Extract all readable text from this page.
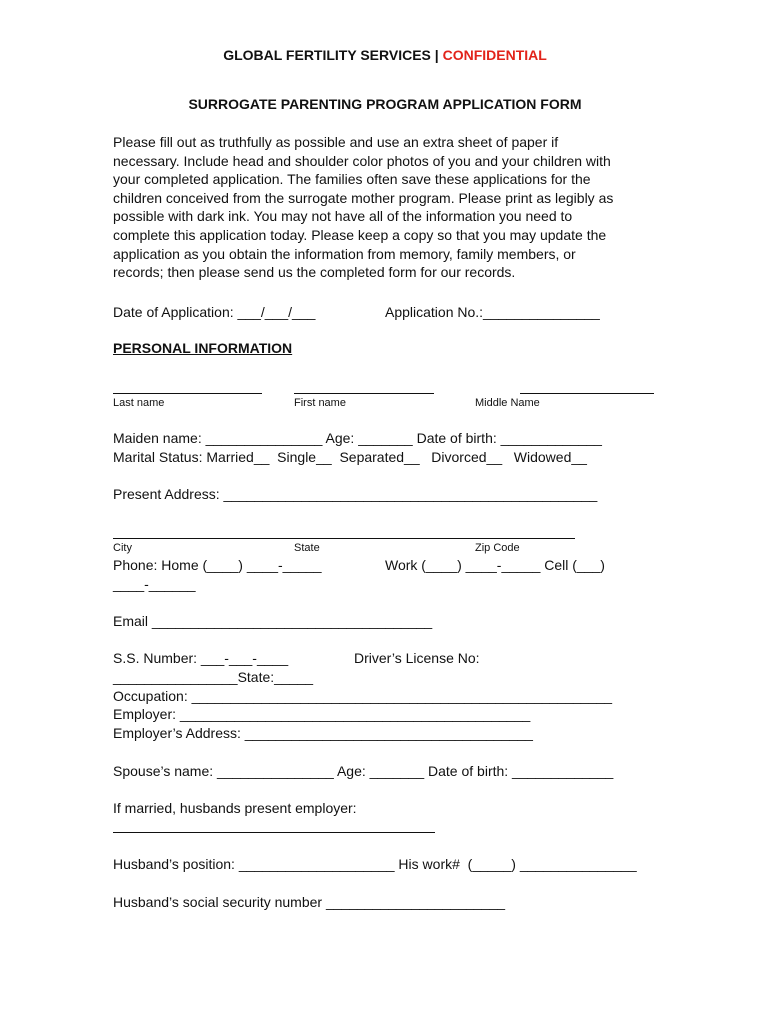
GLOBAL FERTILITY SERVICES | CONFIDENTIAL
SURROGATE PARENTING PROGRAM APPLICATION FORM
Please fill out as truthfully as possible and use an extra sheet of paper if
necessary. Include head and shoulder color photos of you and your children with
your completed application. The families often save these applications for the
children conceived from the surrogate mother program. Please print as legibly as
possible with dark ink. You may not have all of the information you need to
complete this application today. Please keep a copy so that you may update the
application as you obtain the information from memory, family members, or
records; then please send us the completed form for our records.
Date of Application: ___/___/___	Application No.:_______________
PERSONAL INFORMATION
Last name	First name	Middle Name
Maiden name: _______________ Age: _______ Date of birth: _____________
Marital Status: Married__  Single__  Separated__   Divorced__   Widowed__
Present Address: ________________________________________________
City	State	Zip Code
Phone: Home (____) ____-_____	Work (____) ____-_____ Cell (___)
____-______
Email ____________________________________
S.S. Number: ___-___-____	Driver’s License No:
________________State:_____
Occupation: ______________________________________________________
Employer: _____________________________________________
Employer’s Address: _____________________________________
Spouse’s name: _______________ Age: _______ Date of birth: _____________
If married, husbands present employer:
Husband’s position: ____________________ His work#  (_____) _______________
Husband’s social security number _______________________
